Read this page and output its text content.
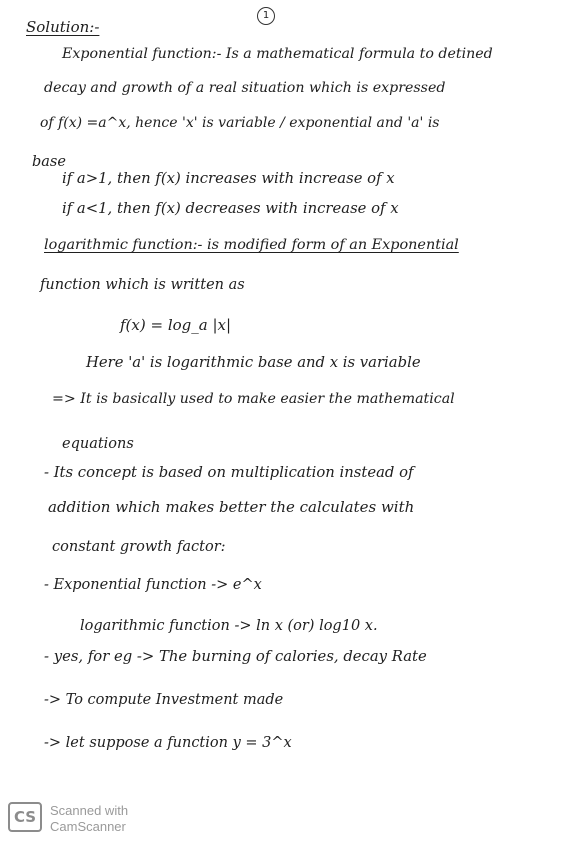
1
Solution:-
Exponential function:- Is a mathematical formula to detined
decay and growth of a real situation which is expressed
of f(x) =a^x, hence 'x' is variable / exponential and 'a' is
base
if a>1, then f(x) increases with increase of x
if a<1, then f(x) decreases with increase of x
logarithmic function:- is modified form of an Exponential
function which is written as
f(x) = log_a |x|
Here 'a' is logarithmic base and x is variable
=> It is basically used to make easier the mathematical
equations
- Its concept is based on multiplication instead of
addition which makes better the calculates with
constant growth factor:
- Exponential function -> e^x
logarithmic function -> ln x (or) log10 x.
- yes, for eg -> The burning of calories, decay Rate
-> To compute Investment made
-> let suppose a function y = 3^x
CS	Scanned with
CamScanner
